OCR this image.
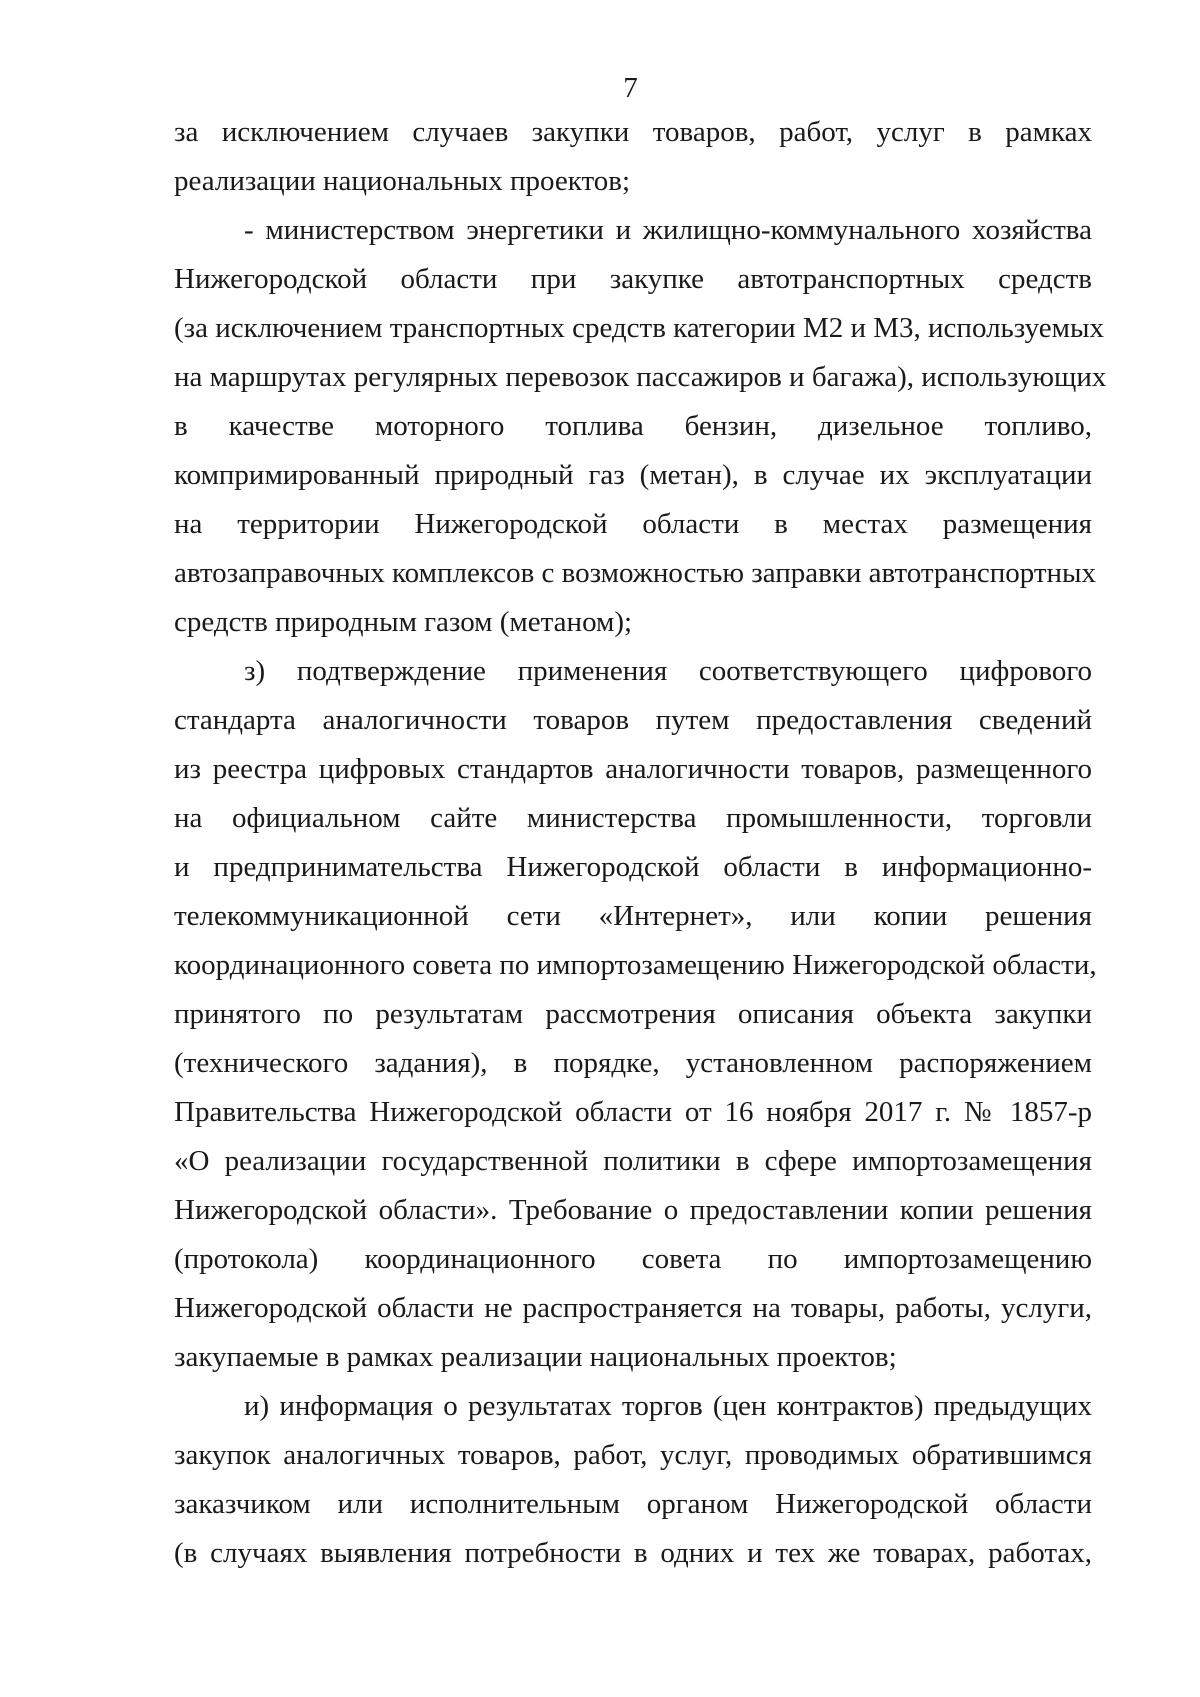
7
за исключением случаев закупки товаров, работ, услуг в рамках
реализации национальных проектов;
- министерством энергетики и жилищно-коммунального хозяйства
Нижегородской области при закупке автотранспортных средств
(за исключением транспортных средств категории М2 и М3, используемых
на маршрутах регулярных перевозок пассажиров и багажа), использующих
в качестве моторного топлива бензин, дизельное топливо,
компримированный природный газ (метан), в случае их эксплуатации
на территории Нижегородской области в местах размещения
автозаправочных комплексов с возможностью заправки автотранспортных
средств природным газом (метаном);
з) подтверждение применения соответствующего цифрового
стандарта аналогичности товаров путем предоставления сведений
из реестра цифровых стандартов аналогичности товаров, размещенного
на официальном сайте министерства промышленности, торговли
и предпринимательства Нижегородской области в информационно-
телекоммуникационной сети «Интернет», или копии решения
координационного совета по импортозамещению Нижегородской области,
принятого по результатам рассмотрения описания объекта закупки
(технического задания), в порядке, установленном распоряжением
Правительства Нижегородской области от 16 ноября 2017 г. № 1857-р
«О реализации государственной политики в сфере импортозамещения
Нижегородской области». Требование о предоставлении копии решения
(протокола) координационного совета по импортозамещению
Нижегородской области не распространяется на товары, работы, услуги,
закупаемые в рамках реализации национальных проектов;
и) информация о результатах торгов (цен контрактов) предыдущих
закупок аналогичных товаров, работ, услуг, проводимых обратившимся
заказчиком или исполнительным органом Нижегородской области
(в случаях выявления потребности в одних и тех же товарах, работах,
